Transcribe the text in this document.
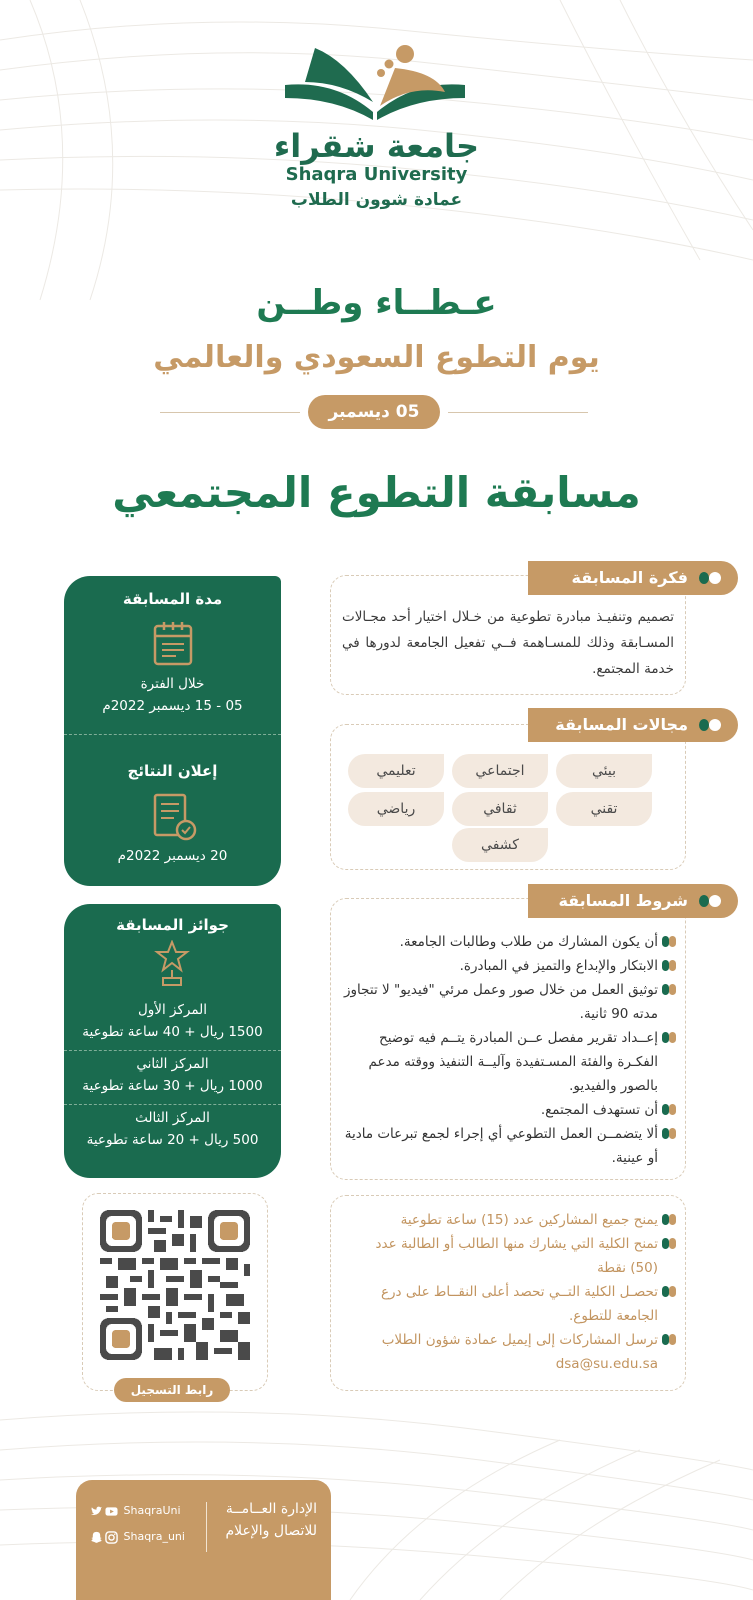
جامعة شقراء
Shaqra University
عمادة شوون الطلاب
عـطــاء وطــن
يوم التطوع السعودي والعالمي
05 ديسمبر
مسابقة التطوع المجتمعي
فكرة المسابقة
تصميم وتنفيـذ مبادرة تطوعية من خـلال اختيار أحد مجـالات المسـابقة وذلك للمسـاهمة فــي تفعيل الجامعة لدورها في خدمة المجتمع.
مجالات المسابقة
بيئي
اجتماعي
تعليمي
تقني
ثقافي
رياضي
كشفي
شروط المسابقة
أن يكون المشارك من طلاب وطالبات الجامعة.
الابتكار والإبداع والتميز في المبادرة.
توثيق العمل من خلال صور وعمل مرئي "فيديو" لا تتجاوز مدته 90 ثانية.
إعــداد تقرير مفصل عــن المبادرة يتــم فيه توضيح الفكـرة والفئة المسـتفيدة وآليــة التنفيذ ووقته مدعم بالصور والفيديو.
أن تستهدف المجتمع.
ألا يتضمــن العمل التطوعي أي إجراء لجمع تبرعات مادية أو عينية.
يمنح جميع المشاركين عدد (15) ساعة تطوعية
تمنح الكلية التي يشارك منها الطالب أو الطالبة عدد (50) نقطة
تحصـل الكلية التــي تحصد أعلى النقــاط على درع الجامعة للتطوع.
ترسل المشاركات إلى إيميل عمادة شؤون الطلاب
dsa@su.edu.sa
مدة المسابقة
خلال الفترة
05 - 15 ديسمبر 2022م
إعلان النتائج
20 ديسمبر 2022م
جوائز المسابقة
المركز الأول
1500 ريال + 40 ساعة تطوعية
المركز الثاني
1000 ريال + 30 ساعة تطوعية
المركز الثالث
500 ريال + 20 ساعة تطوعية
رابط التسجيل
الإدارة العــامــة
للاتصال والإعلام
ShaqraUni
Shaqra_uni
